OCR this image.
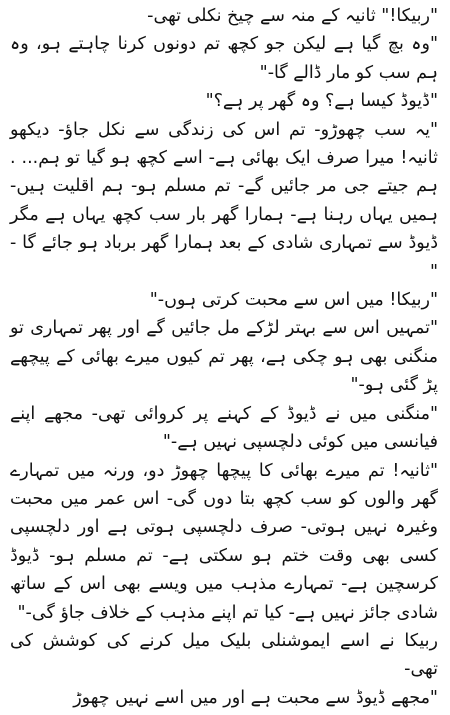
"ربیکا!" ثانیہ کے منہ سے چیخ نکلی تھی-

"وہ بچ گیا ہے لیکن جو کچھ تم دونوں کرنا چاہتے ہو، وہ ہم سب کو مار ڈالے گا-"

"ڈیوڈ کیسا ہے؟ وہ گھر پر ہے؟"

"یہ سب چھوڑو- تم اس کی زندگی سے نکل جاؤ- دیکھو ثانیہ! میرا صرف ایک بھائی ہے- اسے کچھ ہو گیا تو ہم... . ہم جیتے جی مر جائیں گے- تم مسلم ہو- ہم اقلیت ہیں- ہمیں یہاں رہنا ہے- ہمارا گھر بار سب کچھ یہاں ہے مگر ڈیوڈ سے تمہاری شادی کے بعد ہمارا گھر برباد ہو جائے گا -"

"ربیکا! میں اس سے محبت کرتی ہوں-"

"تمہیں اس سے بہتر لڑکے مل جائیں گے اور پھر تمہاری تو منگنی بھی ہو چکی ہے، پھر تم کیوں میرے بھائی کے پیچھے پڑ گئی ہو-"

"منگنی میں نے ڈیوڈ کے کہنے پر کروائی تھی- مجھے اپنے فیانسی میں کوئی دلچسپی نہیں ہے-"

"ثانیہ! تم میرے بھائی کا پیچھا چھوڑ دو، ورنہ میں تمہارے گھر والوں کو سب کچھ بتا دوں گی- اس عمر میں محبت وغیرہ نہیں ہوتی- صرف دلچسپی ہوتی ہے اور دلچسپی کسی بھی وقت ختم ہو سکتی ہے- تم مسلم ہو- ڈیوڈ کرسچین ہے- تمہارے مذہب میں ویسے بھی اس کے ساتھ شادی جائز نہیں ہے- کیا تم اپنے مذہب کے خلاف جاؤ گی-"

ربیکا نے اسے ایموشنلی بلیک میل کرنے کی کوشش کی تھی-

"مجھے ڈیوڈ سے محبت ہے اور میں اسے نہیں چھوڑ
